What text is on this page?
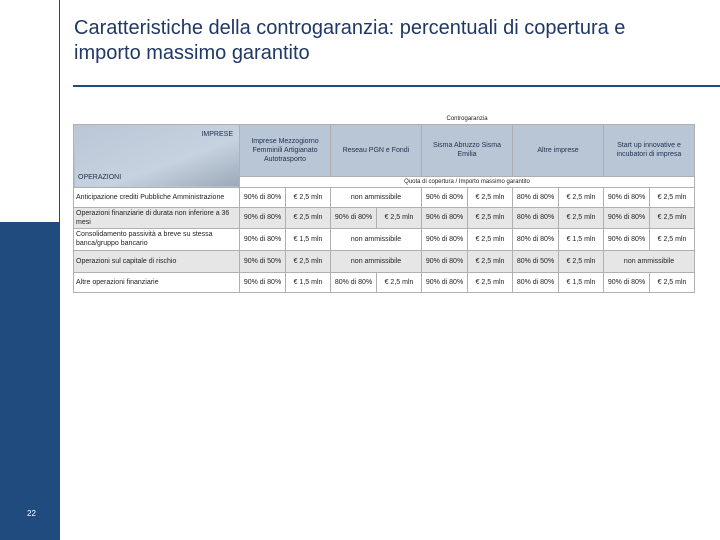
22
Caratteristiche della controgaranzia: percentuali di copertura e importo massimo garantito
	Controgaranzia									

IMPRESE
OPERAZIONI	Imprese Mezzogiorno Femminili Artigianato Autotrasporto		Reseau PGN e Fondi		Sisma Abruzzo Sisma Emilia		Altre imprese		Start up innovative e incubatori di impresa	
	Quota di copertura / Importo massimo garantito									
Anticipazione crediti Pubbliche Amministrazione	90% di 80%	€ 2,5 mln	non ammissibile		90% di 80%	€ 2,5 mln	80% di 80%	€ 2,5 mln	90% di 80%	€ 2,5 mln
Operazioni finanziarie di durata non inferiore a 36 mesi	90% di 80%	€ 2,5 mln	90% di 80%	€ 2,5 mln	90% di 80%	€ 2,5 mln	80% di 80%	€ 2,5 mln	90% di 80%	€ 2,5 mln
Consolidamento passività a breve su stessa banca/gruppo bancario	90% di 80%	€ 1,5 mln	non ammissibile		90% di 80%	€ 2,5 mln	80% di 80%	€ 1,5 mln	90% di 80%	€ 2,5 mln
Operazioni sul capitale di rischio	90% di 50%	€ 2,5 mln	non ammissibile		90% di 80%	€ 2,5 mln	80% di 50%	€ 2,5 mln	non ammissibile	
Altre operazioni finanziarie	90% di 80%	€ 1,5 mln	80% di 80%	€ 2,5 mln	90% di 80%	€ 2,5 mln	80% di 80%	€ 1,5 mln	90% di 80%	€ 2,5 mln
